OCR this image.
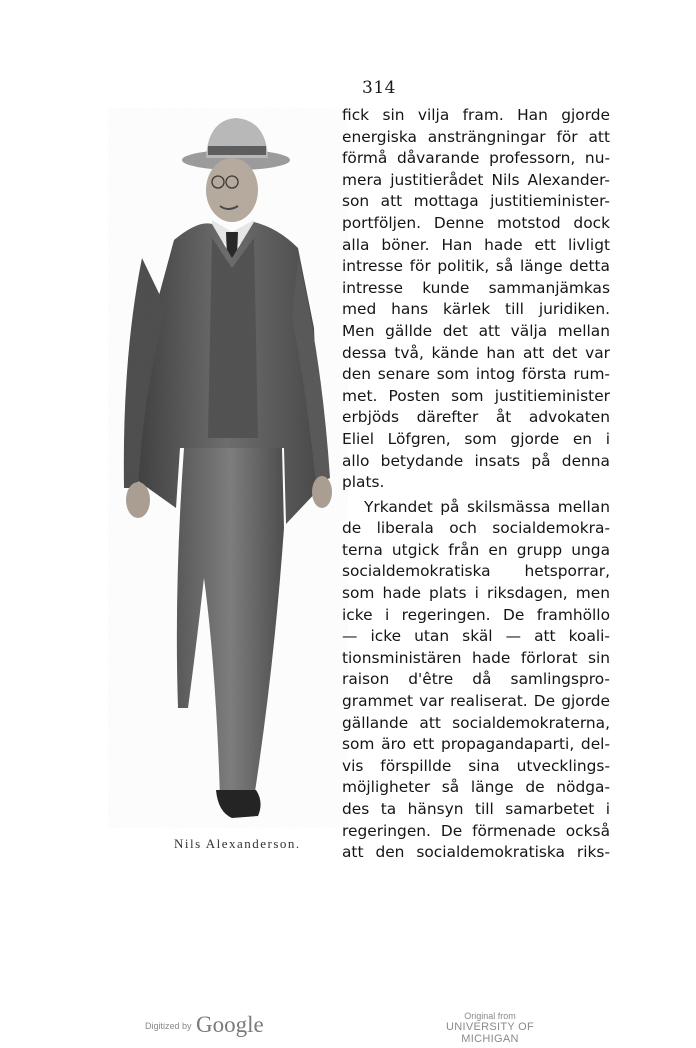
314
Nils Alexanderson.
fick sin vilja fram. Han gjorde
energiska ansträngningar för att
förmå dåvarande professorn, nu-
mera justitierådet Nils Alexander-
son att mottaga justitieminister-
portföljen. Denne motstod dock
alla böner. Han hade ett livligt
intresse för politik, så länge detta
intresse kunde sammanjämkas
med hans kärlek till juridiken.
Men gällde det att välja mellan
dessa två, kände han att det var
den senare som intog första rum-
met. Posten som justitieminister
erbjöds därefter åt advokaten
Eliel Löfgren, som gjorde en i
allo betydande insats på denna
plats.
Yrkandet på skilsmässa mellan
de liberala och socialdemokra-
terna utgick från en grupp unga
socialdemokratiska hetsporrar,
som hade plats i riksdagen, men
icke i regeringen. De framhöllo
— icke utan skäl — att koali-
tionsministären hade förlorat sin
raison d'être då samlingspro-
grammet var realiserat. De gjorde
gällande att socialdemokraterna,
som äro ett propagandaparti, del-
vis förspillde sina utvecklings-
möjligheter så länge de nödga-
des ta hänsyn till samarbetet i
regeringen. De förmenade också
att den socialdemokratiska riks-
Digitized by Google	Original from
UNIVERSITY OF MICHIGAN
